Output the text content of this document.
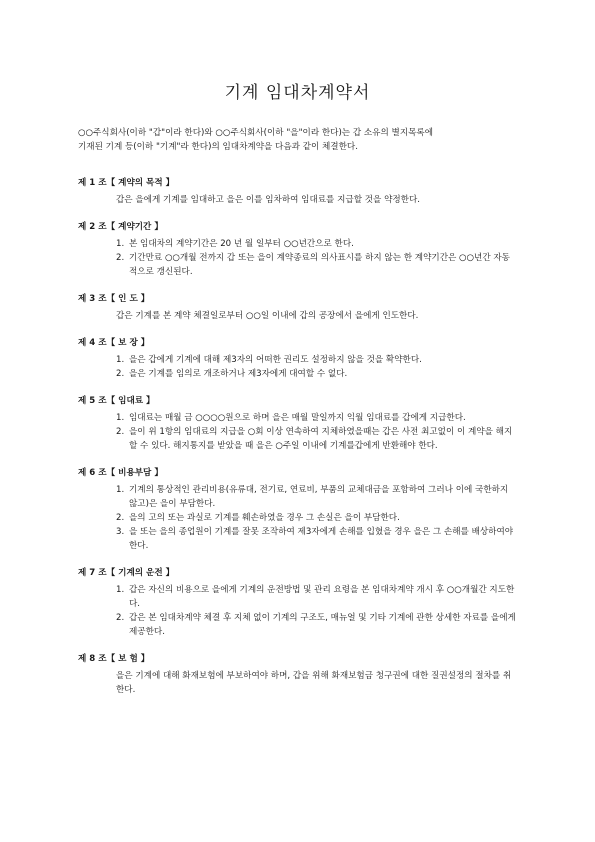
기계 임대차계약서

○○주식회사(이하 "갑"이라 한다)와 ○○주식회사(이하 "을"이라 한다)는 갑 소유의 별지목록에

기재된 기계 등(이하 "기계"라 한다)의 임대차계약을 다음과 같이 체결한다.

제 1 조【 계약의 목적 】
갑은 을에게 기계를 임대하고 을은 이를 임차하여 임대료를 지급할 것을 약정한다.
제 2 조【 계약기간 】
1. 본 임대차의 계약기간은 20 년 월 일부터 ○○년간으로 한다.
2. 기간만료 ○○개월 전까지 갑 또는 을이 계약종료의 의사표시를 하지 않는 한 계약기간은 ○○년간 자동적으로 갱신된다.
제 3 조【 인 도 】
갑은 기계를 본 계약 체결일로부터 ○○일 이내에 갑의 공장에서 을에게 인도한다.
제 4 조【 보 장 】
1. 을은 갑에게 기계에 대해 제3자의 어떠한 권리도 설정하지 않을 것을 확약한다.
2. 을은 기계를 임의로 개조하거나 제3자에게 대여할 수 없다.
제 5 조【 임대료 】
1. 임대료는 매월 금 ○○○○원으로 하며 을은 매월 말일까지 익월 임대료를 갑에게 지급한다.
2. 을이 위 1항의 임대료의 지급을 ○회 이상 연속하여 지체하였을때는 갑은 사전 최고없이 이 계약을 해지할 수 있다. 해지통지를 받았을 때 을은 ○주일 이내에 기계를갑에게 반환해야 한다.
제 6 조【 비용부담 】
1. 기계의 통상적인 관리비용(유류대, 전기료, 연료비, 부품의 교체대금을 포함하여 그러나 이에 국한하지 않고)은 을이 부담한다.
2. 을의 고의 또는 과실로 기계를 훼손하였을 경우 그 손실은 을이 부담한다.
3. 을 또는 을의 종업원이 기계를 잘못 조작하여 제3자에게 손해를 입혔을 경우 을은 그 손해를 배상하여야 한다.
제 7 조【 기계의 운전 】
1. 갑은 자신의 비용으로 을에게 기계의 운전방법 및 관리 요령을 본 임대차계약 개시 후 ○○개월간 지도한다.
2. 갑은 본 임대차계약 체결 후 지체 없이 기계의 구조도, 매뉴얼 및 기타 기계에 관한 상세한 자료를 을에게 제공한다.
제 8 조【 보 험 】
을은 기계에 대해 화재보험에 부보하여야 하며, 갑을 위해 화재보험금 청구권에 대한 질권설정의 절차를 취한다.
